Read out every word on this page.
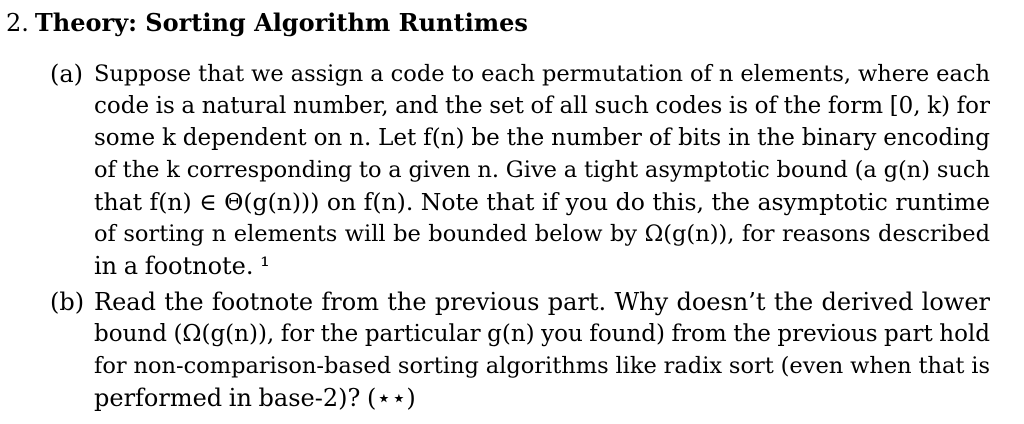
2. Theory: Sorting Algorithm Runtimes
(a) Suppose that we assign a code to each permutation of n elements, where each
code is a natural number, and the set of all such codes is of the form [0, k) for
some k dependent on n. Let f(n) be the number of bits in the binary encoding
of the k corresponding to a given n. Give a tight asymptotic bound (a g(n) such
that f(n) ∈ Θ(g(n))) on f(n). Note that if you do this, the asymptotic runtime
of sorting n elements will be bounded below by Ω(g(n)), for reasons described
in a footnote. ¹
(b) Read the footnote from the previous part. Why doesn’t the derived lower
bound (Ω(g(n)), for the particular g(n) you found) from the previous part hold
for non-comparison-based sorting algorithms like radix sort (even when that is
performed in base-2)? (⋆⋆)
